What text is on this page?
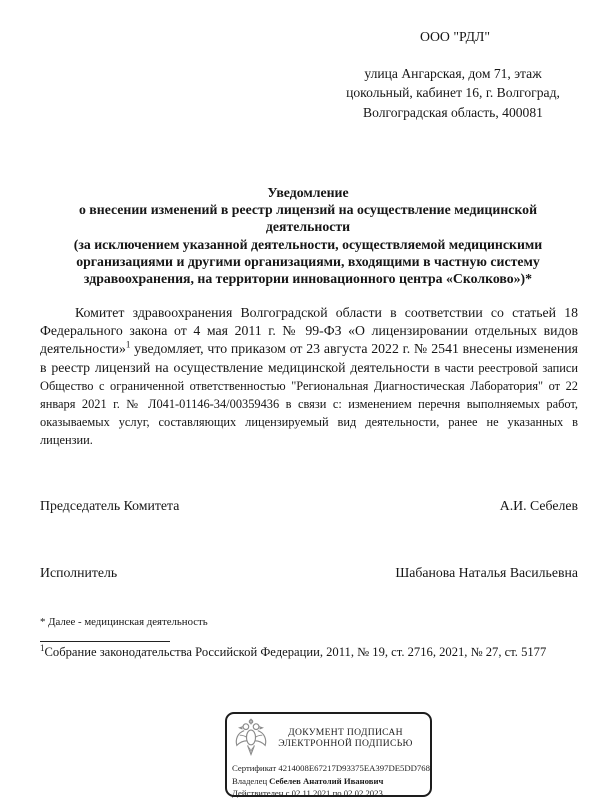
ООО "РДЛ"
улица Ангарская, дом 71, этаж
цокольный, кабинет 16, г. Волгоград,
Волгоградская область, 400081
Уведомление
о внесении изменений в реестр лицензий на осуществление медицинской
деятельности
(за исключением указанной деятельности, осуществляемой медицинскими
организациями и другими организациями, входящими в частную систему
здравоохранения, на территории инновационного центра «Сколково»)*

Комитет здравоохранения Волгоградской области в соответствии со статьей 18 Федерального закона от 4 мая 2011 г. № 99-ФЗ «О лицензировании отдельных видов деятельности»$^1$ уведомляет, что приказом от 23 августа 2022 г. № 2541 внесены изменения в реестр лицензий на осуществление медицинской деятельности в части реестровой записи Общество с ограниченной ответственностью "Региональная Диагностическая Лаборатория" от 22 января 2021 г. № Л041-01146-34/00359436 в связи с: изменением перечня выполняемых работ, оказываемых услуг, составляющих лицензируемый вид деятельности, ранее не указанных в лицензии.

Председатель Комитета	А.И. Себелев
Исполнитель	Шабанова Наталья Васильевна
* Далее - медицинская деятельность
$^1$Собрание законодательства Российской Федерации, 2011, № 19, ст. 2716, 2021, № 27, ст. 5177
ДОКУМЕНТ ПОДПИСАН
ЭЛЕКТРОННОЙ ПОДПИСЬЮ
Сертификат 4214008E67217D93375EA397DE5DD768
Владелец Себелев Анатолий Иванович
Действителен с 02.11.2021 по 02.02.2023
